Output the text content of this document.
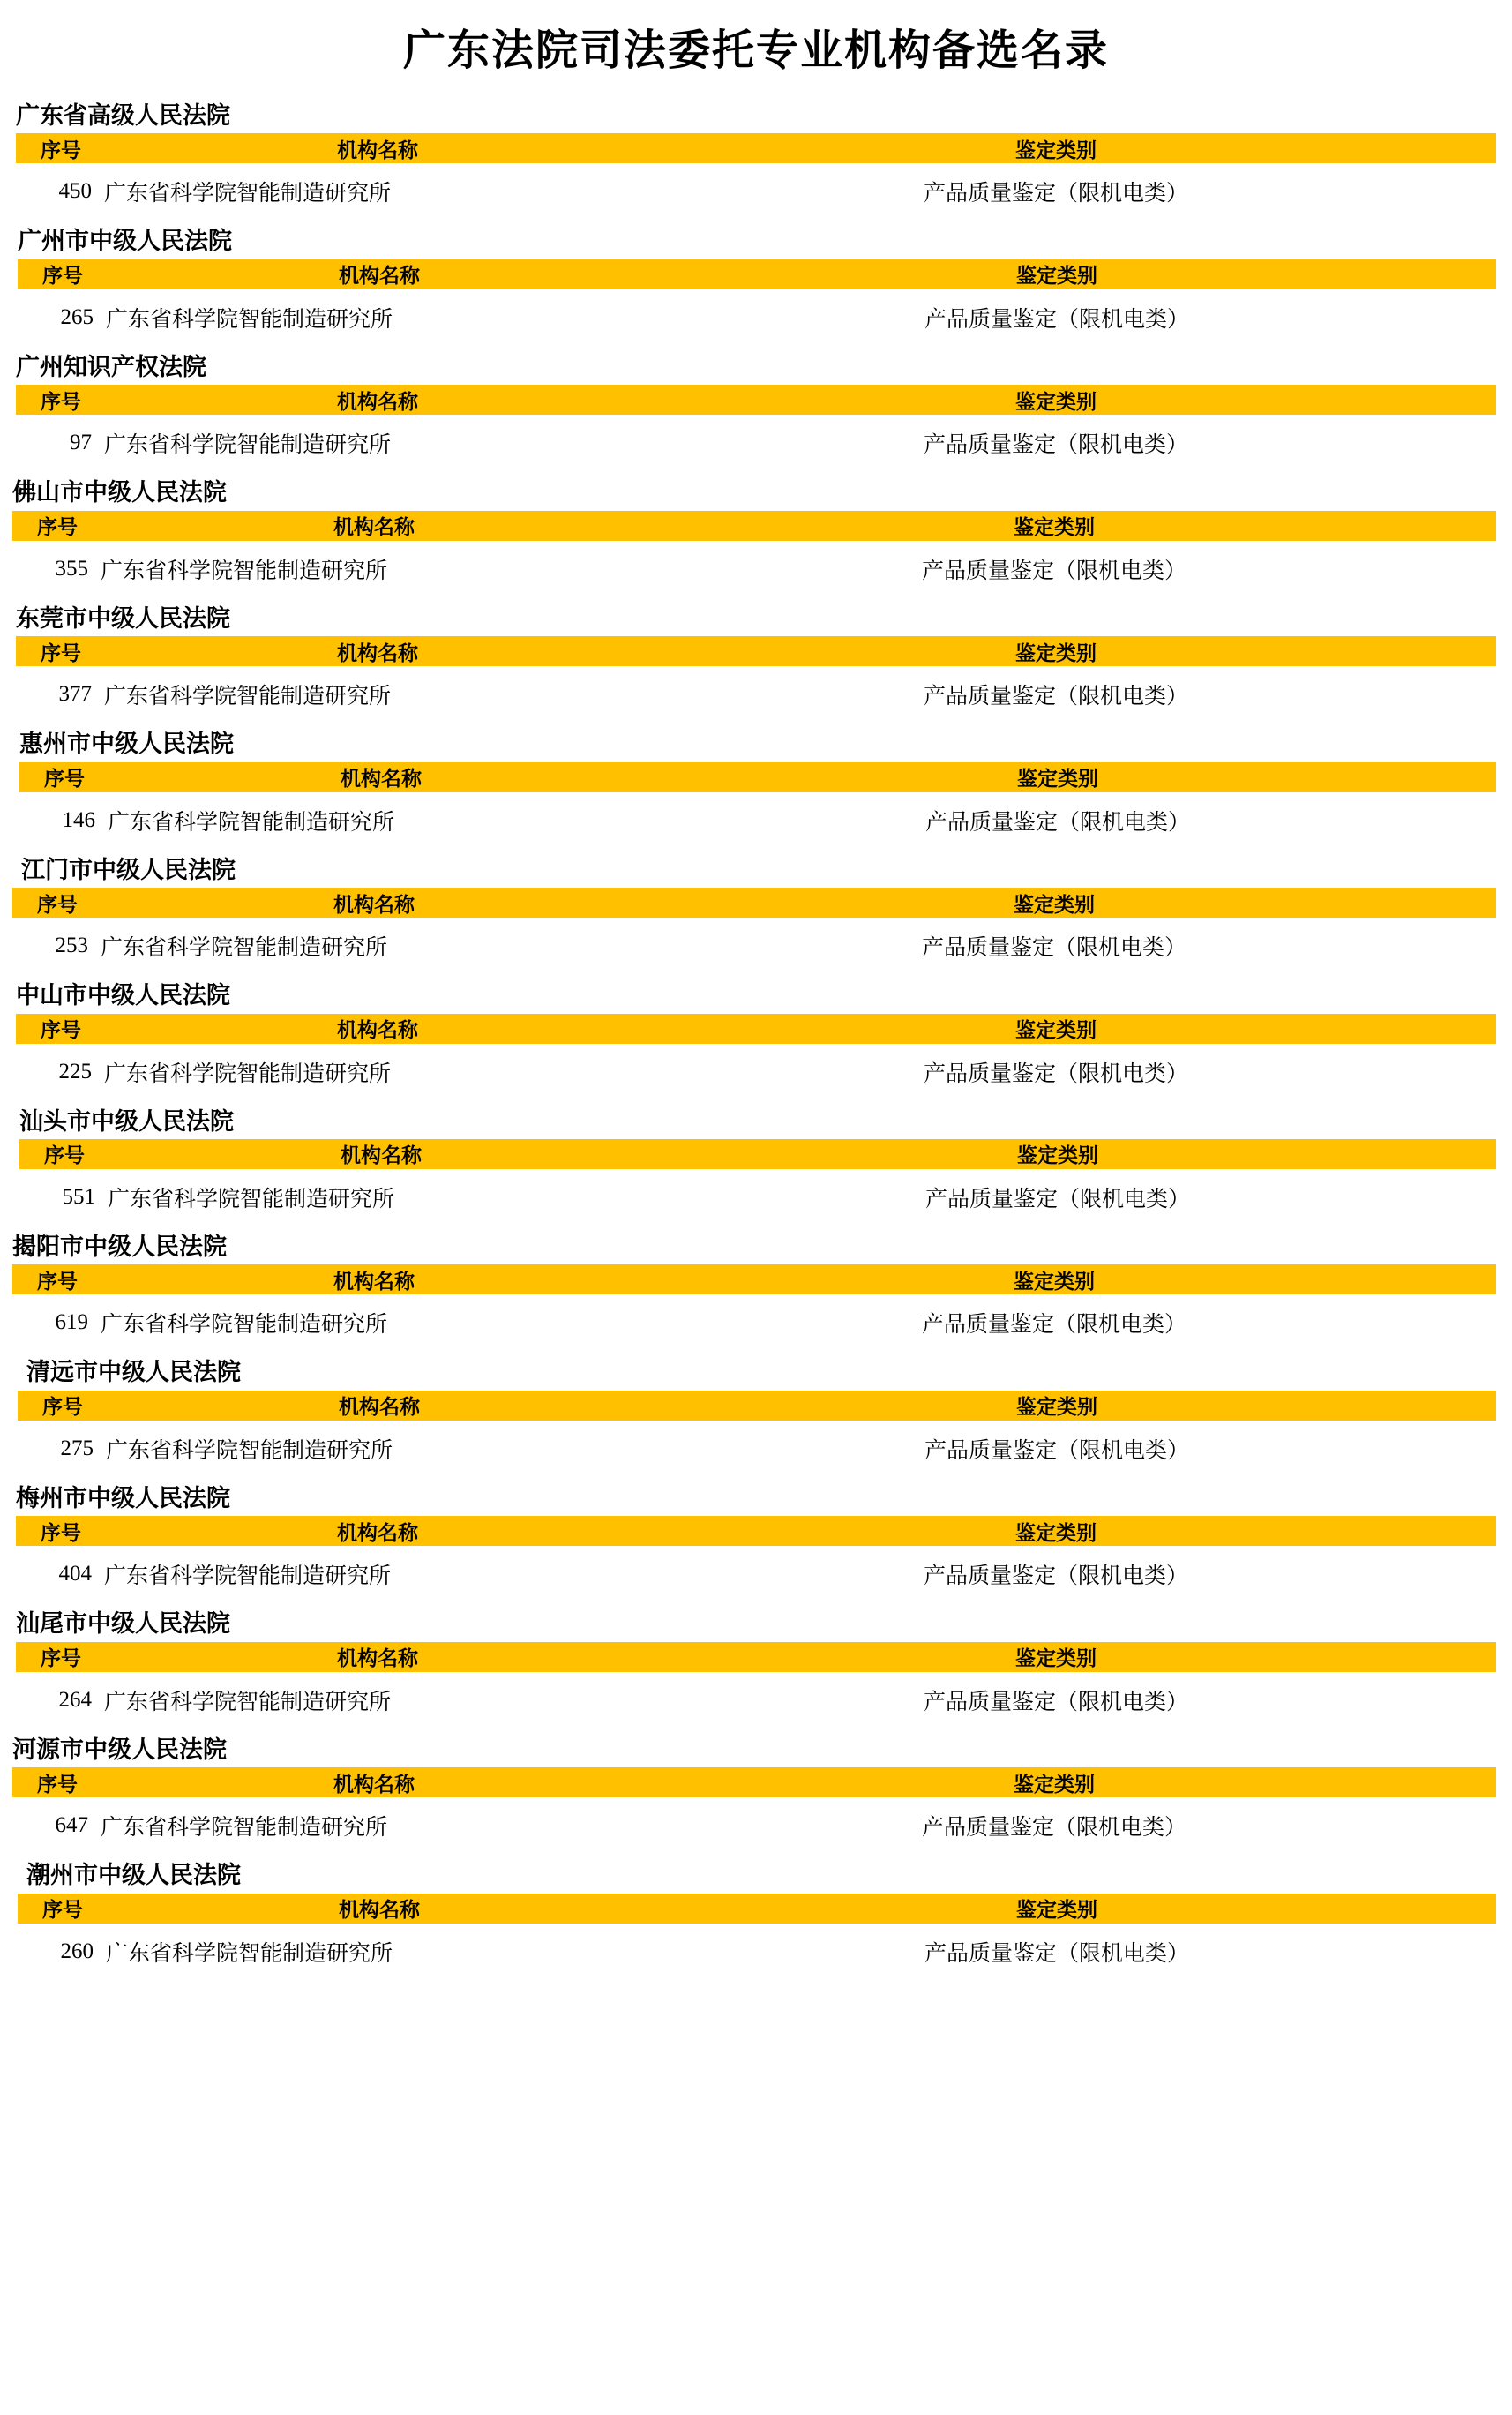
广东法院司法委托专业机构备选名录
广东省高级人民法院
序号	机构名称	鉴定类别
450 广东省科学院智能制造研究所	产品质量鉴定（限机电类）
广州市中级人民法院
序号	机构名称	鉴定类别
265 广东省科学院智能制造研究所	产品质量鉴定（限机电类）
广州知识产权法院
序号	机构名称	鉴定类别
97 广东省科学院智能制造研究所	产品质量鉴定（限机电类）
佛山市中级人民法院
序号	机构名称	鉴定类别
355 广东省科学院智能制造研究所	产品质量鉴定（限机电类）
东莞市中级人民法院
序号	机构名称	鉴定类别
377 广东省科学院智能制造研究所	产品质量鉴定（限机电类）
惠州市中级人民法院
序号	机构名称	鉴定类别
146 广东省科学院智能制造研究所	产品质量鉴定（限机电类）
江门市中级人民法院
序号	机构名称	鉴定类别
253 广东省科学院智能制造研究所	产品质量鉴定（限机电类）
中山市中级人民法院
序号	机构名称	鉴定类别
225 广东省科学院智能制造研究所	产品质量鉴定（限机电类）
汕头市中级人民法院
序号	机构名称	鉴定类别
551 广东省科学院智能制造研究所	产品质量鉴定（限机电类）
揭阳市中级人民法院
序号	机构名称	鉴定类别
619 广东省科学院智能制造研究所	产品质量鉴定（限机电类）
清远市中级人民法院
序号	机构名称	鉴定类别
275 广东省科学院智能制造研究所	产品质量鉴定（限机电类）
梅州市中级人民法院
序号	机构名称	鉴定类别
404 广东省科学院智能制造研究所	产品质量鉴定（限机电类）
汕尾市中级人民法院
序号	机构名称	鉴定类别
264 广东省科学院智能制造研究所	产品质量鉴定（限机电类）
河源市中级人民法院
序号	机构名称	鉴定类别
647 广东省科学院智能制造研究所	产品质量鉴定（限机电类）
潮州市中级人民法院
序号	机构名称	鉴定类别
260 广东省科学院智能制造研究所	产品质量鉴定（限机电类）
